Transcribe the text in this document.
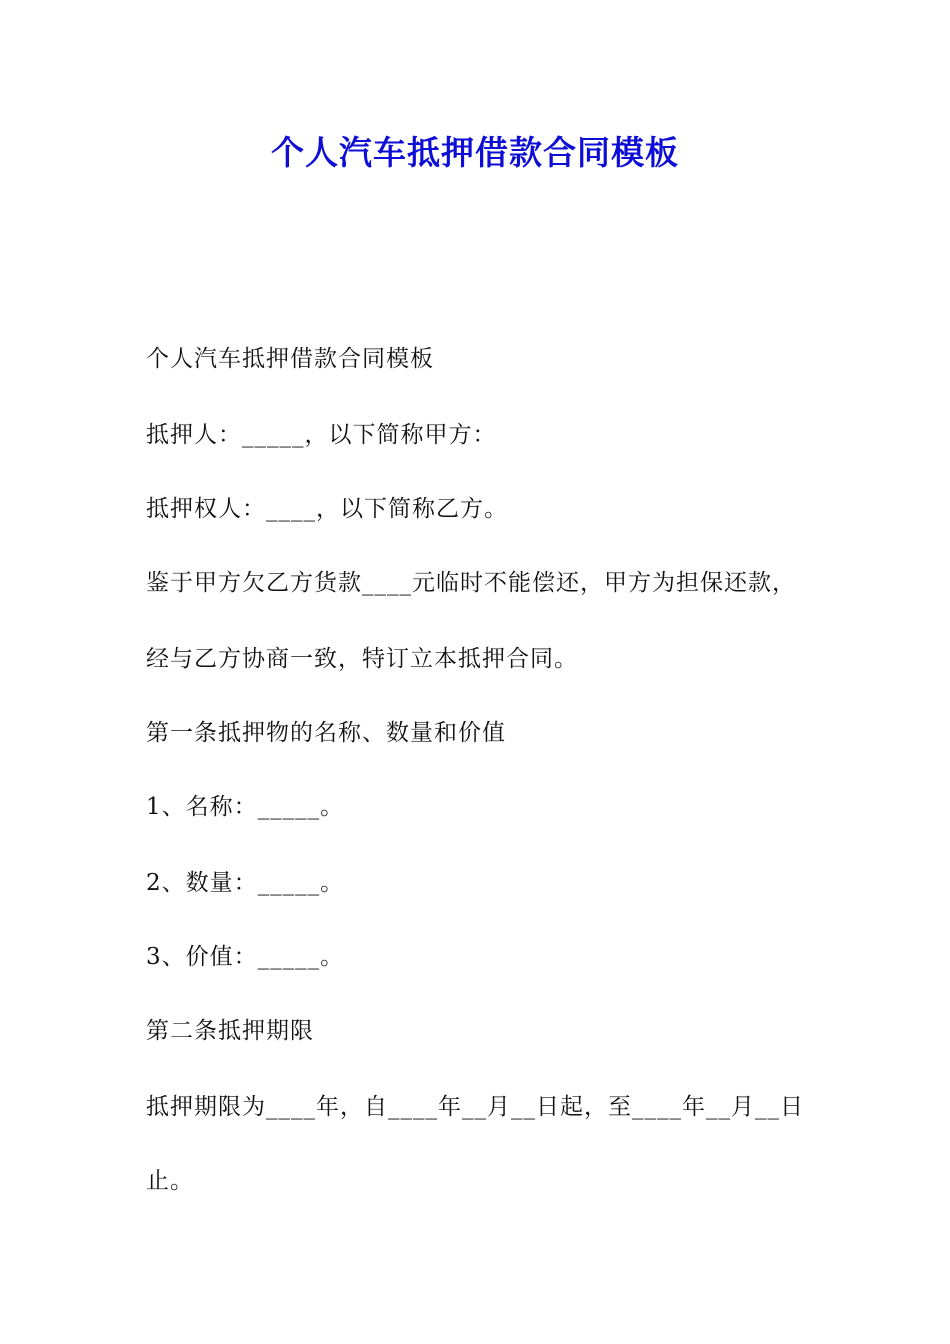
个人汽车抵押借款合同模板
个人汽车抵押借款合同模板
抵押人：_____，以下简称甲方：
抵押权人：____，以下简称乙方。
鉴于甲方欠乙方货款____元临时不能偿还，甲方为担保还款，
经与乙方协商一致，特订立本抵押合同。
第一条抵押物的名称、数量和价值
1、名称：_____。
2、数量：_____。
3、价值：_____。
第二条抵押期限
抵押期限为____年，自____年__月__日起，至____年__月__日
止。
